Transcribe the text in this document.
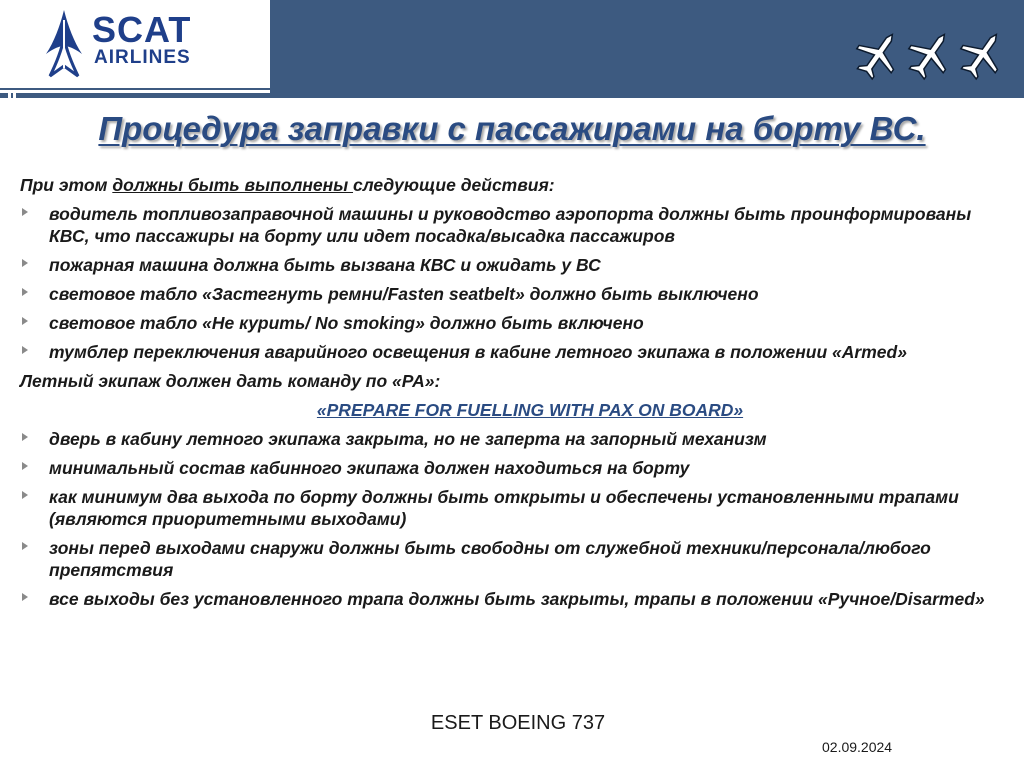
SCAT
AIRLINES
Процедура заправки с пассажирами на борту ВС.

При этом должны быть выполнены следующие действия:

водитель топливозаправочной машины и руководство аэропорта должны быть проинформированы КВС, что пассажиры на борту или идет посадка/высадка пассажиров
пожарная машина должна быть вызвана КВС и ожидать у ВС
световое табло «Застегнуть ремни/Fasten seatbelt» должно быть выключено
световое табло «Не курить/ No smoking» должно быть включено
тумблер переключения аварийного освещения в кабине летного экипажа в положении «Armed»

Летный экипаж должен дать команду по «PA»:

«PREPARE FOR FUELLING WITH PAX ON BOARD»

дверь в кабину летного экипажа закрыта, но не заперта на запорный механизм
минимальный состав кабинного экипажа должен находиться на борту
как минимум два выхода по борту должны быть открыты и обеспечены установленными трапами (являются приоритетными выходами)
зоны перед выходами снаружи должны быть свободны от служебной техники/персонала/любого препятствия
все выходы без установленного трапа должны быть закрыты, трапы в положении «Ручное/Disarmed»
ESET BOEING 737
02.09.2024
